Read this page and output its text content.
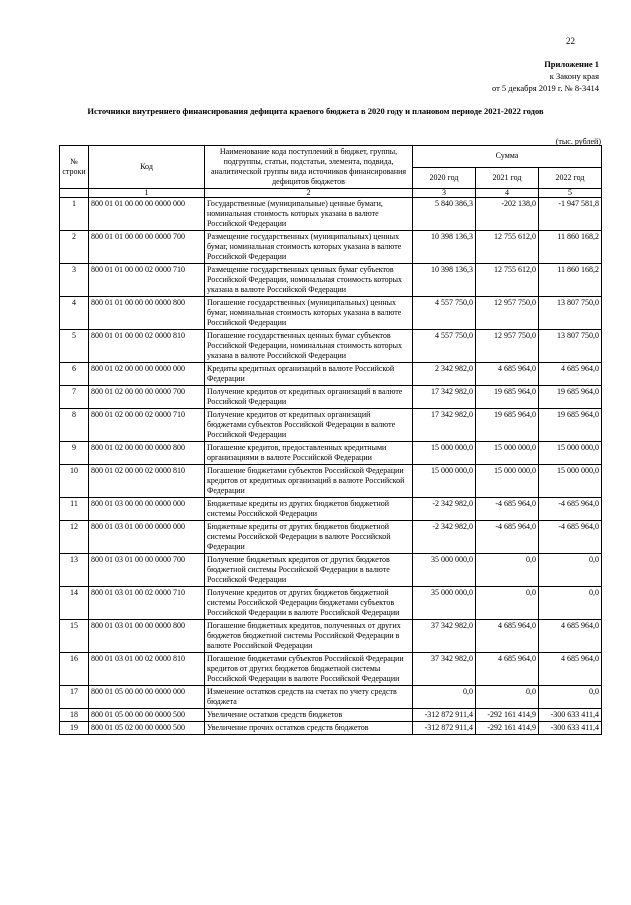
22
Приложение 1
к Закону края
от 5 декабря 2019 г. № 8-3414
Источники внутреннего финансирования дефицита краевого бюджета в 2020 году и плановом периоде 2021-2022 годов
(тыс. рублей)
№ строки	Код	Наименование кода поступлений в бюджет, группы, подгруппы, статьи, подстатьи, элемента, подвида, аналитической группы вида источников финансирования дефицитов бюджетов	Сумма		
			2020 год	2021 год	2022 год
	1	2	3	4	5
1	800 01 01 00 00 00 0000 000	Государственные (муниципальные) ценные бумаги, номинальная стоимость которых указана в валюте Российской Федерации	5 840 386,3	-202 138,0	-1 947 581,8
2	800 01 01 00 00 00 0000 700	Размещение государственных (муниципальных) ценных бумаг, номинальная стоимость которых указана в валюте Российской Федерации	10 398 136,3	12 755 612,0	11 860 168,2
3	800 01 01 00 00 02 0000 710	Размещение государственных ценных бумаг субъектов Российской Федерации, номинальная стоимость которых указана в валюте Российской Федерации	10 398 136,3	12 755 612,0	11 860 168,2
4	800 01 01 00 00 00 0000 800	Погашение государственных (муниципальных) ценных бумаг, номинальная стоимость которых указана в валюте Российской Федерации	4 557 750,0	12 957 750,0	13 807 750,0
5	800 01 01 00 00 02 0000 810	Погашение государственных ценных бумаг субъектов Российской Федерации, номинальная стоимость которых указана в валюте Российской Федерации	4 557 750,0	12 957 750,0	13 807 750,0
6	800 01 02 00 00 00 0000 000	Кредиты кредитных организаций в валюте Российской Федерации	2 342 982,0	4 685 964,0	4 685 964,0
7	800 01 02 00 00 00 0000 700	Получение кредитов от кредитных организаций в валюте Российской Федерации	17 342 982,0	19 685 964,0	19 685 964,0
8	800 01 02 00 00 02 0000 710	Получение кредитов от кредитных организаций бюджетами субъектов Российской Федерации в валюте Российской Федерации	17 342 982,0	19 685 964,0	19 685 964,0
9	800 01 02 00 00 00 0000 800	Погашение кредитов, предоставленных кредитными организациями в валюте Российской Федерации	15 000 000,0	15 000 000,0	15 000 000,0
10	800 01 02 00 00 02 0000 810	Погашение бюджетами субъектов Российской Федерации кредитов от кредитных организаций в валюте Российской Федерации	15 000 000,0	15 000 000,0	15 000 000,0
11	800 01 03 00 00 00 0000 000	Бюджетные кредиты из других бюджетов бюджетной системы Российской Федерации	-2 342 982,0	-4 685 964,0	-4 685 964,0
12	800 01 03 01 00 00 0000 000	Бюджетные кредиты от других бюджетов бюджетной системы Российской Федерации в валюте Российской Федерации	-2 342 982,0	-4 685 964,0	-4 685 964,0
13	800 01 03 01 00 00 0000 700	Получение бюджетных кредитов от других бюджетов бюджетной системы Российской Федерации в валюте Российской Федерации	35 000 000,0	0,0	0,0
14	800 01 03 01 00 02 0000 710	Получение кредитов от других бюджетов бюджетной системы Российской Федерации бюджетами субъектов Российской Федерации в валюте Российской Федерации	35 000 000,0	0,0	0,0
15	800 01 03 01 00 00 0000 800	Погашение бюджетных кредитов, полученных от других бюджетов бюджетной системы Российской Федерации в валюте Российской Федерации	37 342 982,0	4 685 964,0	4 685 964,0
16	800 01 03 01 00 02 0000 810	Погашение бюджетами субъектов Российской Федерации кредитов от других бюджетов бюджетной системы Российской Федерации в валюте Российской Федерации	37 342 982,0	4 685 964,0	4 685 964,0
17	800 01 05 00 00 00 0000 000	Изменение остатков средств на счетах по учету средств бюджета	0,0	0,0	0,0
18	800 01 05 00 00 00 0000 500	Увеличение остатков средств бюджетов	-312 872 911,4	-292 161 414,9	-300 633 411,4
19	800 01 05 02 00 00 0000 500	Увеличение прочих остатков средств бюджетов	-312 872 911,4	-292 161 414,9	-300 633 411,4
